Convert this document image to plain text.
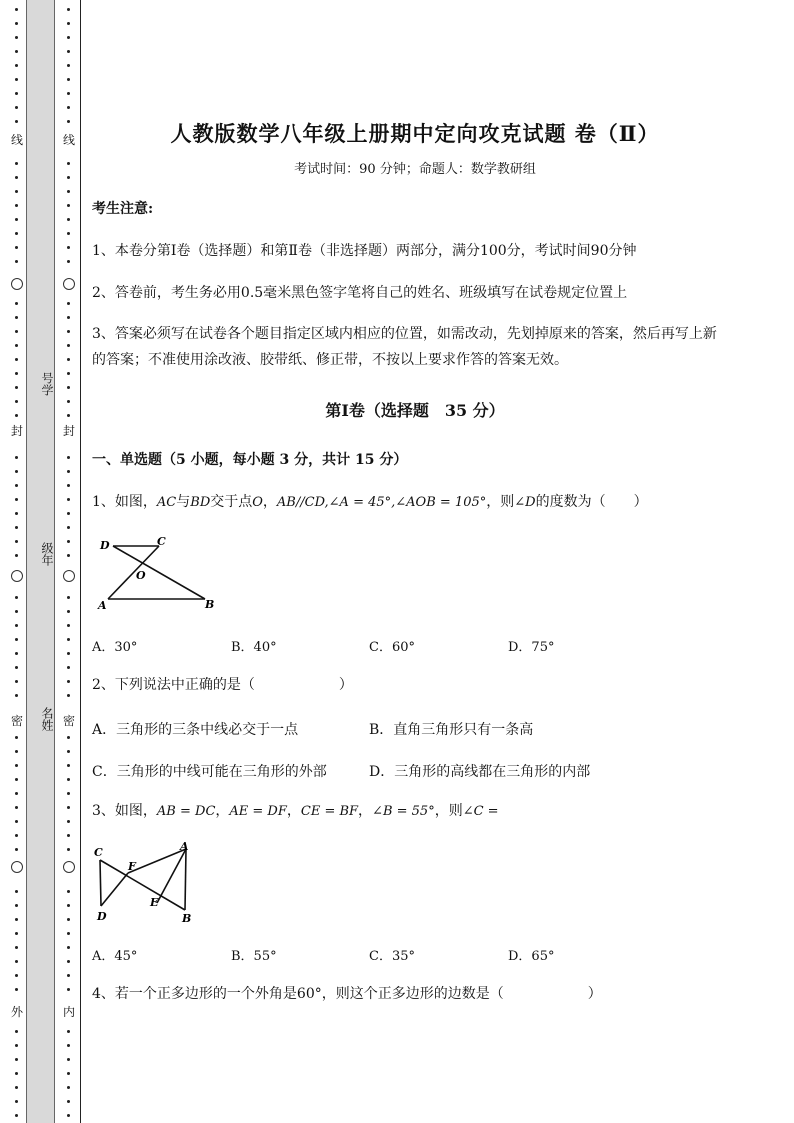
线
封
密
外
号学
级年
名姓
线
封
密
内
人教版数学八年级上册期中定向攻克试题 卷（Ⅱ）
考试时间：90 分钟；命题人：数学教研组
考生注意:
1、本卷分第Ⅰ卷（选择题）和第Ⅱ卷（非选择题）两部分，满分100分，考试时间90分钟
2、答卷前，考生务必用0.5毫米黑色签字笔将自己的姓名、班级填写在试卷规定位置上
3、答案必须写在试卷各个题目指定区域内相应的位置，如需改动，先划掉原来的答案，然后再写上新
的答案；不准使用涂改液、胶带纸、修正带，不按以上要求作答的答案无效。
第Ⅰ卷（选择题　35 分）
一、单选题（5 小题，每小题 3 分，共计 15 分）
1、如图，AC与BD交于点O，AB//CD,∠A = 45°,∠AOB = 105°，则∠D的度数为（　　）
D	C
O
A	B
A．30°	B．40°	C．60°	D．75°
2、下列说法中正确的是（　　　　　　）
A．三角形的三条中线必交于一点	B．直角三角形只有一条高
C．三角形的中线可能在三角形的外部	D．三角形的高线都在三角形的内部
3、如图，AB = DC，AE = DF，CE = BF，∠B = 55°，则∠C =
C
F
A
D
E
B
A．45°	B．55°	C．35°	D．65°
4、若一个正多边形的一个外角是60°，则这个正多边形的边数是（　　　　　　）
